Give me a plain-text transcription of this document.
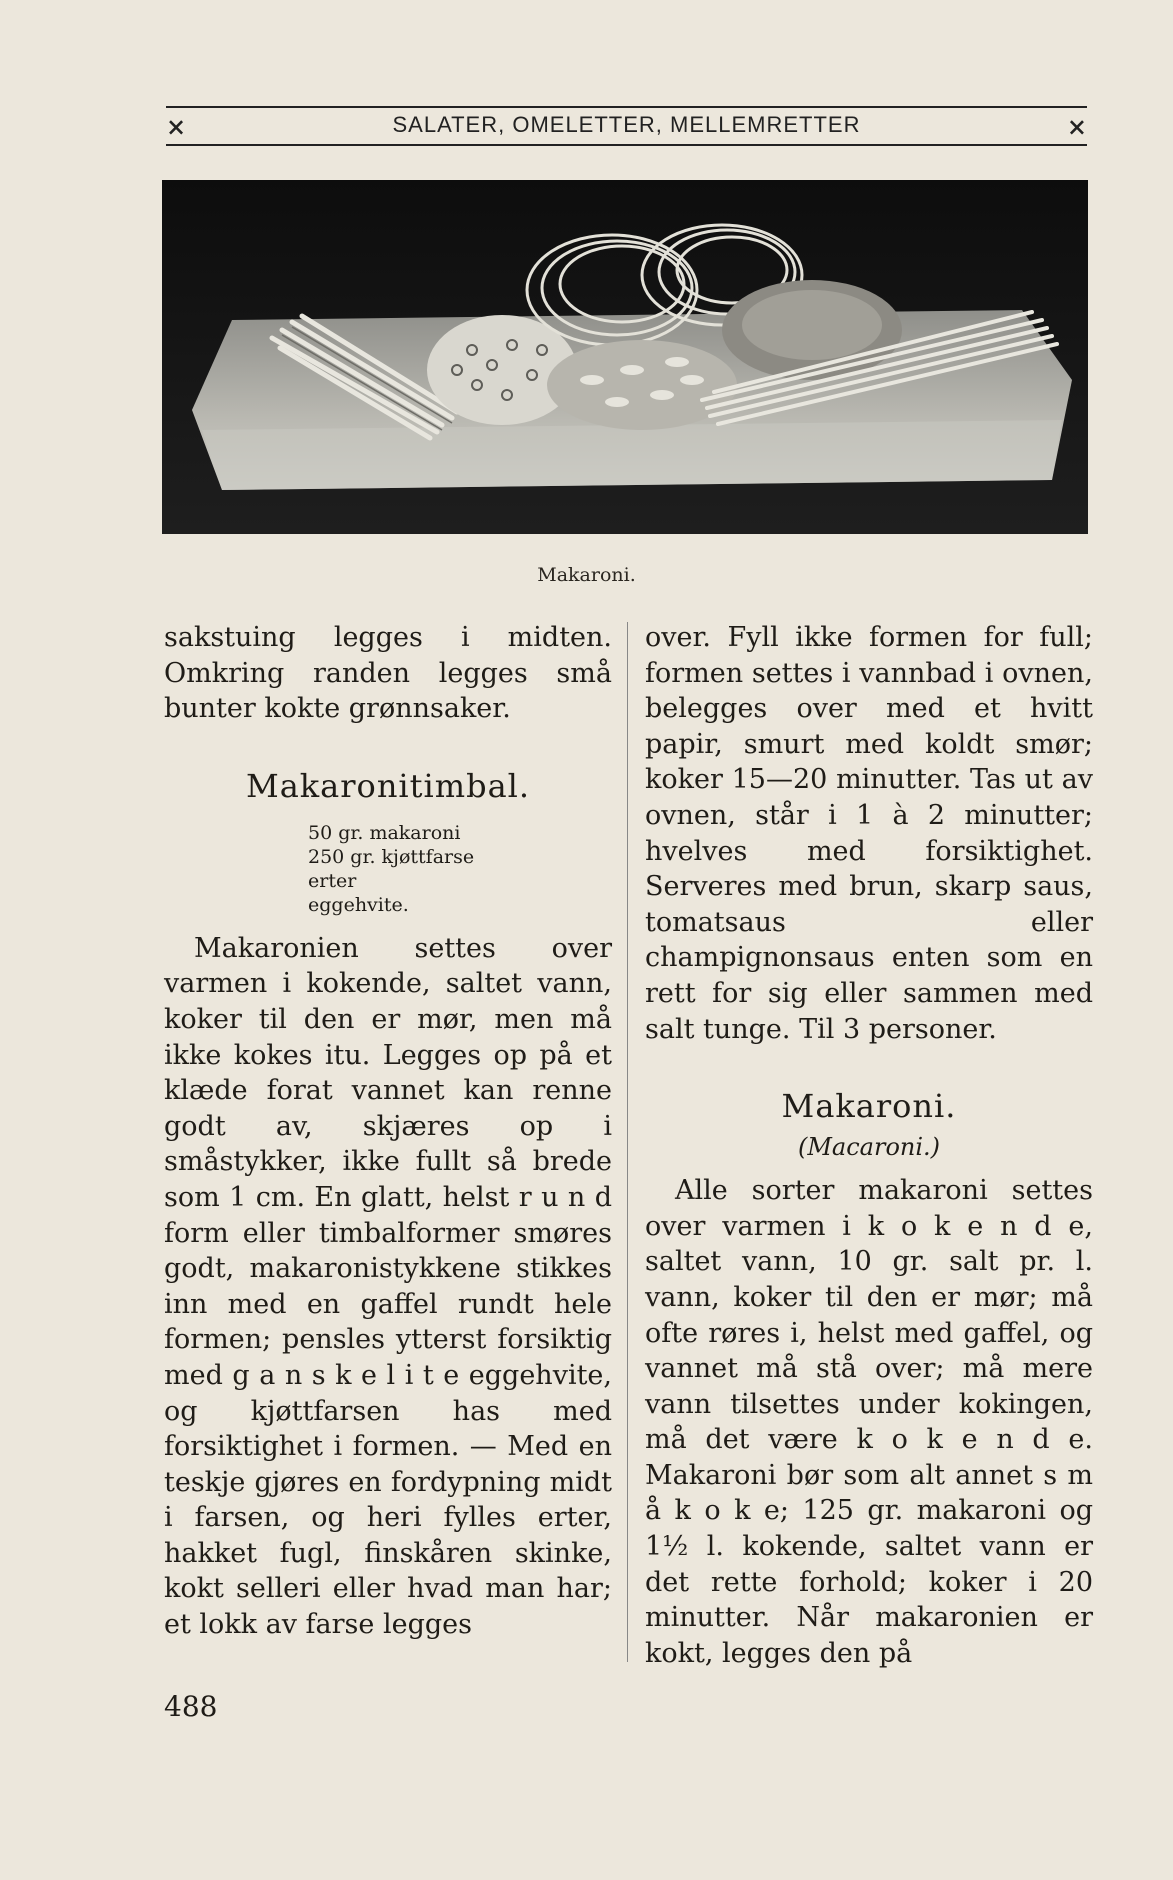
×	SALATER, OMELETTER, MELLEMRETTER	×
Makaroni.

sakstuing legges i midten. Omkring randen legges små bunter kokte grønnsaker.

Makaronitimbal.
50 gr. makaroni
250 gr. kjøttfarse
erter
eggehvite.

Makaronien settes over varmen i kokende, saltet vann, koker til den er mør, men må ikke kokes itu. Legges op på et klæde forat vannet kan renne godt av, skjæres op i småstykker, ikke fullt så brede som 1 cm. En glatt, helst r u n d form eller timbalformer smøres godt, makaronistykkene stikkes inn med en gaffel rundt hele formen; pensles ytterst forsiktig med g a n s k e l i t e eggehvite, og kjøttfarsen has med forsiktighet i formen. — Med en teskje gjøres en fordypning midt i farsen, og heri fylles erter, hakket fugl, finskåren skinke, kokt selleri eller hvad man har; et lokk av farse legges

over. Fyll ikke formen for full; formen settes i vannbad i ovnen, belegges over med et hvitt papir, smurt med koldt smør; koker 15—20 minutter. Tas ut av ovnen, står i 1 à 2 minutter; hvelves med forsiktighet. Serveres med brun, skarp saus, tomatsaus eller champignonsaus enten som en rett for sig eller sammen med salt tunge. Til 3 personer.

Makaroni.
(Macaroni.)

Alle sorter makaroni settes over varmen i k o k e n d e, saltet vann, 10 gr. salt pr. l. vann, koker til den er mør; må ofte røres i, helst med gaffel, og vannet må stå over; må mere vann tilsettes under kokingen, må det være k o k e n d e. Makaroni bør som alt annet s m å k o k e; 125 gr. makaroni og 1½ l. kokende, saltet vann er det rette forhold; koker i 20 minutter. Når makaronien er kokt, legges den på

488
